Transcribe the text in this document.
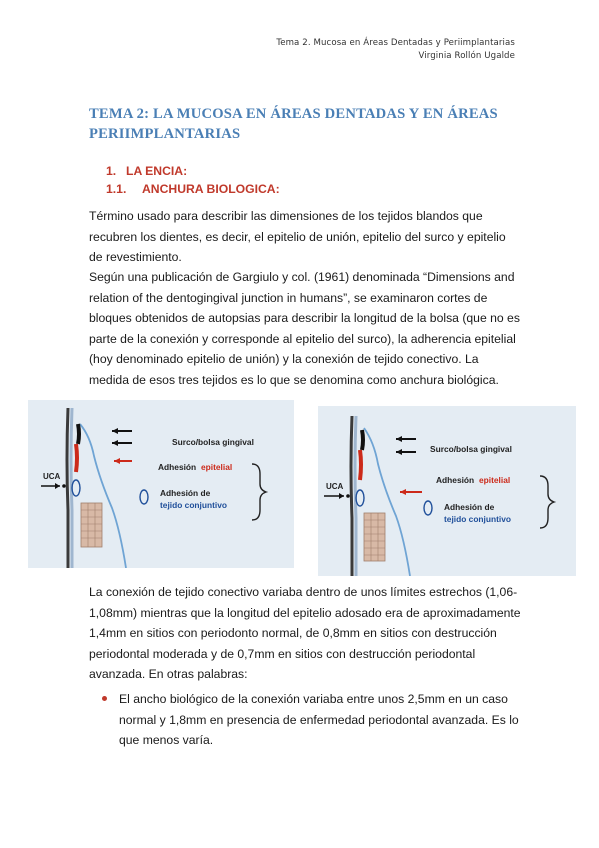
Tema 2. Mucosa en Áreas Dentadas y Periimplantarias
Virginia Rollón Ugalde
TEMA 2: LA MUCOSA EN ÁREAS DENTADAS Y EN ÁREAS PERIIMPLANTARIAS
1. LA ENCIA:
1.1. ANCHURA BIOLOGICA:
Término usado para describir las dimensiones de los tejidos blandos que recubren los dientes, es decir, el epitelio de unión, epitelio del surco y epitelio de revestimiento.
Según una publicación de Gargiulo y col. (1961) denominada “Dimensions and relation of the dentogingival junction in humans”, se examinaron cortes de bloques obtenidos de autopsias para describir la longitud de la bolsa (que no es parte de la conexión y corresponde al epitelio del surco), la adherencia epitelial (hoy denominado epitelio de unión) y la conexión de tejido conectivo. La medida de esos tres tejidos es lo que se denomina como anchura biológica.
UCA
Surco/bolsa gingival
Adhesión epitelial
Adhesión de
tejido conjuntivo
UCA
Surco/bolsa gingival
Adhesión epitelial
Adhesión de
tejido conjuntivo
La conexión de tejido conectivo variaba dentro de unos límites estrechos (1,06-1,08mm) mientras que la longitud del epitelio adosado era de aproximadamente 1,4mm en sitios con periodonto normal, de 0,8mm en sitios con destrucción periodontal moderada y de 0,7mm en sitios con destrucción periodontal avanzada. En otras palabras:
El ancho biológico de la conexión variaba entre unos 2,5mm en un caso normal y 1,8mm en presencia de enfermedad periodontal avanzada. Es lo que menos varía.
